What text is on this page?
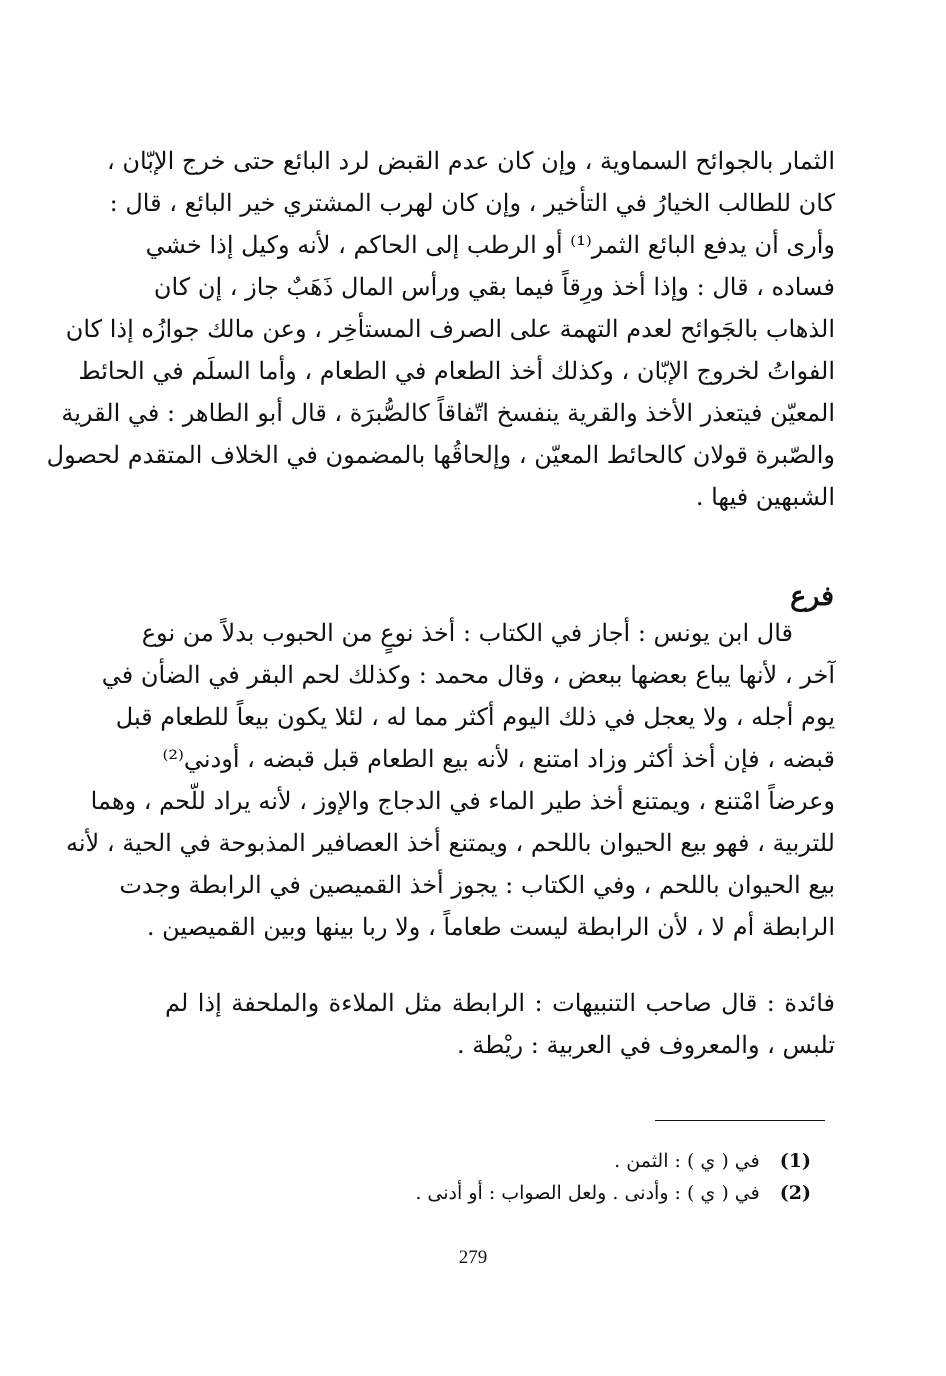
الثمار بالجوائح السماوية ، وإن كان عدم القبض لرد البائع حتى خرج الإبّان ،
كان للطالب الخيارُ في التأخير ، وإن كان لهرب المشتري خير البائع ، قال :
وأرى أن يدفع البائع الثمر⁽¹⁾ أو الرطب إلى الحاكم ، لأنه وكيل إذا خشي
فساده ، قال : وإذا أخذ ورِقاً فيما بقي ورأس المال ذَهَبٌ جاز ، إن كان
الذهاب بالجَوائح لعدم التهمة على الصرف المستأخِر ، وعن مالك جوازُه إذا كان
الفواتُ لخروج الإبّان ، وكذلك أخذ الطعام في الطعام ، وأما السلَم في الحائط
المعيّن فيتعذر الأخذ والقرية ينفسخ اتّفاقاً كالصُّبرَة ، قال أبو الطاهر : في القرية
والصّبرة قولان كالحائط المعيّن ، وإلحاقُها بالمضمون في الخلاف المتقدم لحصول
الشبهين فيها .
فرع
قال ابن يونس : أجاز في الكتاب : أخذ نوعٍ من الحبوب بدلاً من نوع
آخر ، لأنها يباع بعضها ببعض ، وقال محمد : وكذلك لحم البقر في الضأن في
يوم أجله ، ولا يعجل في ذلك اليوم أكثر مما له ، لئلا يكون بيعاً للطعام قبل
قبضه ، فإن أخذ أكثر وزاد امتنع ، لأنه بيع الطعام قبل قبضه ، أودني⁽²⁾
وعرضاً امْتنع ، ويمتنع أخذ طير الماء في الدجاج والإوز ، لأنه يراد للّحم ، وهما
للتربية ، فهو بيع الحيوان باللحم ، ويمتنع أخذ العصافير المذبوحة في الحية ، لأنه
بيع الحيوان باللحم ، وفي الكتاب : يجوز أخذ القميصين في الرابطة وجدت
الرابطة أم لا ، لأن الرابطة ليست طعاماً ، ولا ربا بينها وبين القميصين .
فائدة : قال صاحب التنبيهات : الرابطة مثل الملاءة والملحفة إذا لم
تلبس ، والمعروف في العربية : ريْطة .
(1) في ( ي ) : الثمن .
(2) في ( ي ) : وأدنى . ولعل الصواب : أو أدنى .
279
